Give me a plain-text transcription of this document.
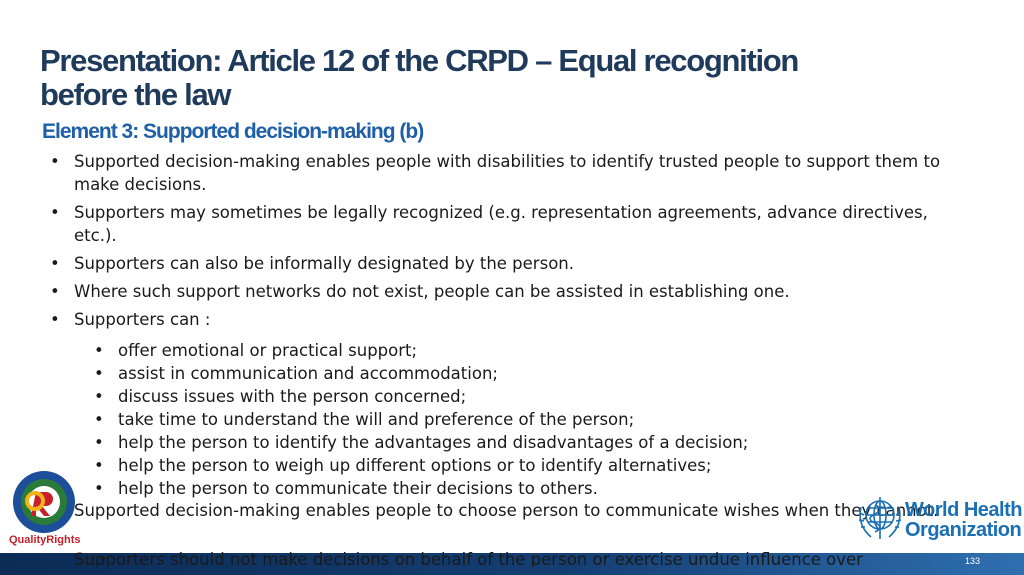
Presentation: Article 12 of the CRPD – Equal recognition before the law
Element 3: Supported decision-making (b)
• Supported decision-making enables people with disabilities to identify trusted people to support them to make decisions.
• Supporters may sometimes be legally recognized (e.g. representation agreements, advance directives, etc.).
• Supporters can also be informally designated by the person.
• Where such support networks do not exist, people can be assisted in establishing one.
• Supporters can :
• offer emotional or practical support;
• assist in communication and accommodation;
• discuss issues with the person concerned;
• take time to understand the will and preference of the person;
• help the person to identify the advantages and disadvantages of a decision;
• help the person to weigh up different options or to identify alternatives;
• help the person to communicate their decisions to others.

Supported decision-making enables people to choose person to communicate wishes when they cannot.

• Supporters should not make decisions on behalf of the person or exercise undue influence over	133
QualityRights
World Health
Organization
